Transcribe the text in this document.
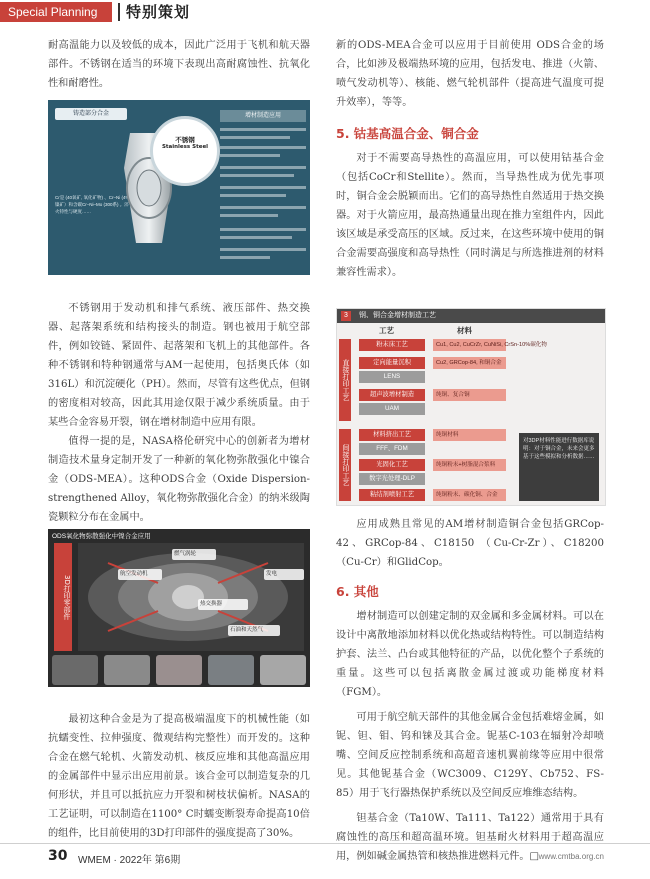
Special Planning	特别策划

耐高温能力以及较低的成本，因此广泛用于飞机和航天器部件。不锈钢在适当的环境下表现出高耐腐蚀性、抗氧化性和耐磨性。

铸造部分合金
Cr是 (40氧矿, 氧化矿物) 、Cr–Ni (4%镍矿）和含碳Cr–Ni–Mo (300系) 。淬火特性与硬度……
不锈钢
Stainless Steel
增材制造应用

不锈钢用于发动机和排气系统、液压部件、热交换器、起落架系统和结构接头的制造。钢也被用于航空部件，例如铰链、紧固件、起落架和飞机上的其他部件。各种不锈钢和特种钢通常与AM一起使用，包括奥氏体（如316L）和沉淀硬化（PH）。然而，尽管有这些优点，但钢的密度相对较高，因此其用途仅限于减少系统质量。由于某些合金容易开裂，钢在增材制造中应用有限。

值得一提的是，NASA格伦研究中心的创新者为增材制造技术量身定制开发了一种新的氧化物弥散强化中镍合金（ODS-MEA）。这种ODS合金（Oxide Dispersion-strengthened Alloy，氧化物弥散强化合金）的纳米级陶瓷颗粒分布在金属中。

ODS氧化物弥散强化中镍合金应用
3D打印零部件
航空发动机
燃气涡轮
热交换器
石油和天然气
发电

最初这种合金是为了提高极端温度下的机械性能（如抗蠕变性、拉伸强度、微观结构完整性）而开发的。这种合金在燃气轮机、火箭发动机、核反应堆和其他高温应用的金属部件中显示出应用前景。该合金可以制造复杂的几何形状，并且可以抵抗应力开裂和树枝状偏析。NASA的工艺证明，可以制造在1100° C时蠕变断裂寿命提高10倍的组件，比目前使用的3D打印部件的强度提高了30%。

新的ODS-MEA合金可以应用于目前使用 ODS合金的场合，比如涉及极端热环境的应用，包括发电、推进（火箭、喷气发动机等）、核能、燃气轮机部件（提高进气温度可提升效率），等等。

5. 钴基高温合金、铜合金

对于不需要高导热性的高温应用，可以使用钴基合金（包括CoCr和Stellite）。然而，当导热性成为优先事项时，铜合金会脱颖而出。它们的高导热性自然适用于热交换器。对于火箭应用，最高热通量出现在推力室组件内，因此该区域是承受高压的区域。反过来，在这些环境中使用的铜合金需要高强度和高导热性（同时满足与所选推进剂的材料兼容性需求）。

3	钢、铜合金增材制造工艺
工艺	材料
直接打印工艺
间接打印工艺
粉末床工艺	Cu1, Cu2, CuCrZr, CuNiSi, CrSn-10%碳化物
定向能量沉积	Cu2, GRCop-84, 和铜合金
LENS
超声波增材制造	纯铜、复合铜
UAM
材料挤出工艺	纯铜材料
FFF、FDM
光固化工艺	纯铜粉末+树脂混合浆料
数字光处理-DLP
粘结剂喷射工艺	纯铜粉末、碳化铜、合金
对3DP材料性能进行数据库说明：对于铜合金，未来会更多基于这些模拟和分析数据……

应用成熟且常见的AM增材制造铜合金包括GRCop-42、GRCop-84、C18150 （Cu-Cr-Zr）、C18200（Cu-Cr）和GlidCop。

6. 其他

增材制造可以创建定制的双金属和多金属材料。可以在设计中离散地添加材料以优化热或结构特性。可以制造结构护套、法兰、凸台或其他特征的产品，以优化整个子系统的重量。这些可以包括离散金属过渡或功能梯度材料（FGM）。

可用于航空航天部件的其他金属合金包括难熔金属，如铌、钽、钼、钨和铼及其合金。铌基C-103在辐射冷却喷嘴、空间反应控制系统和高超音速机翼前缘等应用中很常见。其他铌基合金（WC3009、C129Y、Cb752、FS-85）用于飞行器热保护系统以及空间反应堆维态结构。

钽基合金（Ta10W、Ta111、Ta122）通常用于具有腐蚀性的高压和超高温环境。钽基耐火材料用于超高温应用，例如碱金属热管和核热推进燃料元件。□

30 WMEM · 2022年 第6期	www.cmtba.org.cn
